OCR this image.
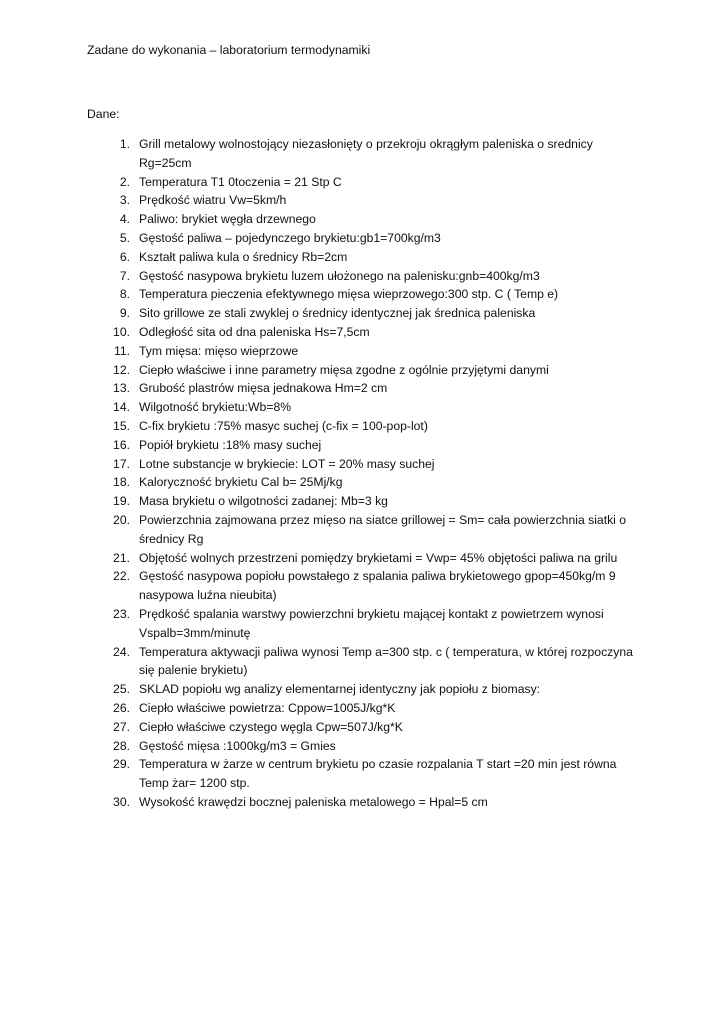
Zadane do wykonania – laboratorium termodynamiki
Dane:
1. Grill metalowy wolnostojący niezasłonięty o przekroju okrągłym paleniska o srednicy Rg=25cm
2. Temperatura T1 0toczenia = 21 Stp C
3. Prędkość wiatru Vw=5km/h
4. Paliwo: brykiet węgła drzewnego
5. Gęstość paliwa – pojedynczego brykietu:gb1=700kg/m3
6. Kształt paliwa kula o średnicy Rb=2cm
7. Gęstość nasypowa brykietu luzem ułożonego na palenisku:gnb=400kg/m3
8. Temperatura pieczenia efektywnego mięsa wieprzowego:300 stp. C ( Temp e)
9. Sito grillowe ze stali zwyklej o średnicy identycznej jak średnica paleniska
10. Odległość sita od dna paleniska Hs=7,5cm
11. Tym mięsa: mięso wieprzowe
12. Ciepło właściwe i inne parametry mięsa zgodne z ogólnie przyjętymi danymi
13. Grubość plastrów mięsa jednakowa Hm=2 cm
14. Wilgotność brykietu:Wb=8%
15. C-fix brykietu :75% masyc suchej (c-fix = 100-pop-lot)
16. Popiół brykietu :18% masy suchej
17. Lotne substancje w brykiecie: LOT = 20% masy suchej
18. Kaloryczność brykietu Cal b= 25Mj/kg
19. Masa brykietu o wilgotności zadanej: Mb=3 kg
20. Powierzchnia zajmowana przez mięso na siatce grillowej = Sm= cała powierzchnia siatki o średnicy Rg
21. Objętość wolnych przestrzeni pomiędzy brykietami = Vwp= 45% objętości paliwa na grilu
22. Gęstość nasypowa popiołu powstałego z spalania paliwa brykietowego gpop=450kg/m 9 nasypowa luźna nieubita)
23. Prędkość spalania warstwy powierzchni brykietu mającej kontakt z powietrzem wynosi Vspalb=3mm/minutę
24. Temperatura aktywacji paliwa wynosi Temp a=300 stp. c ( temperatura, w której rozpoczyna się palenie brykietu)
25. SKLAD popiołu wg analizy elementarnej identyczny jak popiołu z biomasy:
26. Ciepło właściwe powietrza: Cppow=1005J/kg*K
27. Ciepło właściwe czystego węgla Cpw=507J/kg*K
28. Gęstość mięsa :1000kg/m3 = Gmies
29. Temperatura w żarze w centrum brykietu po czasie rozpalania T start =20 min jest równa Temp żar= 1200 stp.
30. Wysokość krawędzi bocznej paleniska metalowego = Hpal=5 cm
